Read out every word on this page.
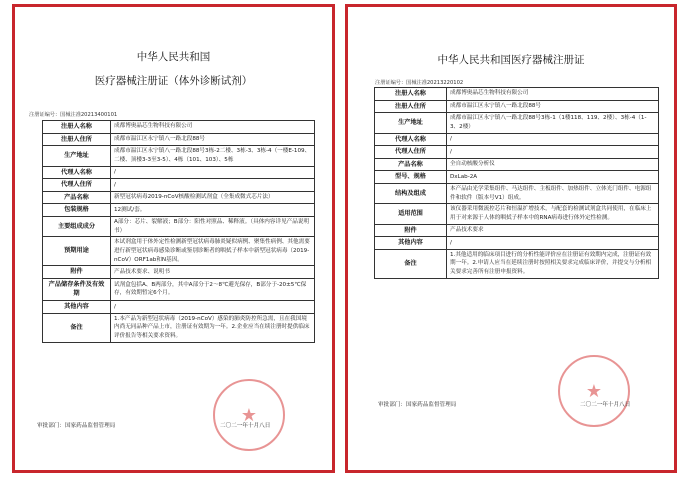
中华人民共和国
医疗器械注册证（体外诊断试剂）
注册证编号：国械注准20213400101
注册人名称	成都博奥晶芯生物科技有限公司
注册人住所	成都市温江区永宁镇八一路北段88号
生产地址	成都市温江区永宁镇八一路北段88号3栋-2二楼、3栋-3、3栋-4（一楼E-109、二楼、顶楼3-3至3-5）、4栋（101、103）、5栋
代理人名称	/
代理人住所	/
产品名称	新型冠状病毒2019-nCoV核酸检测试剂盒（全集成微式芯片法）
包装规格	12测试/套。
主要组成成分	A部分：芯片、裂解液；B部分：阳性对照品、稀释液。（具体内容详见产品说明书）
预期用途	本试剂盒用于体外定性检测新型冠状病毒肺炎疑似病例、聚集性病例、其他需要进行新型冠状病毒感染诊断或鉴别诊断者的咽拭子样本中新型冠状病毒（2019-nCoV）ORF1ab和N基因。
附件	产品技术要求、说明书
产品储存条件及有效期	试剂盒包括A、B两部分，其中A部分于2～8℃避光保存，B部分于-20±5℃保存，有效期暂定6个月。
其他内容	/
备注	1.本产品为新型冠状病毒（2019-nCoV）感染的肺炎防控所急需，且在我国境内尚无同品种产品上市，注册证有效期为一年。2.企业应当在续注册时提供临床评价报告等相关要求资料。
★
审批部门：国家药品监督管理局	二〇二一年十月八日
中华人民共和国医疗器械注册证
注册证编号：国械注准20213220102
注册人名称	成都博奥晶芯生物科技有限公司
注册人住所	成都市温江区永宁镇八一路北段88号
生产地址	成都市温江区永宁镇八一路北段88号3栋-1（1楼118、119、2楼）、3栋-4（1-3、2楼）
代理人名称	/
代理人住所	/
产品名称	全自动核酸分析仪
型号、规格	DxLab-2A
结构及组成	本产品由光学采集组件、马达组件、主板组件、加热组件、立体光门组件、电源组件和软件（版本号V1）组成。
适用范围	该仪器采用微流控芯片和恒温扩增技术，与配套的检测试剂盒共同使用，在临床上用于对来源于人体的咽拭子样本中的RNA病毒进行体外定性检测。
附件	产品技术要求
其他内容	/
备注	1.其他适用的临床项目进行的分析性能评价应在注册证有效期内完成，注册证有效期一年。2.申请人应当在延续注册时按照相关要求完成临床评价，并提交与分析相关要求完善所有注册申报资料。
★
审批部门：国家药品监督管理局	二〇二一年十月八日
